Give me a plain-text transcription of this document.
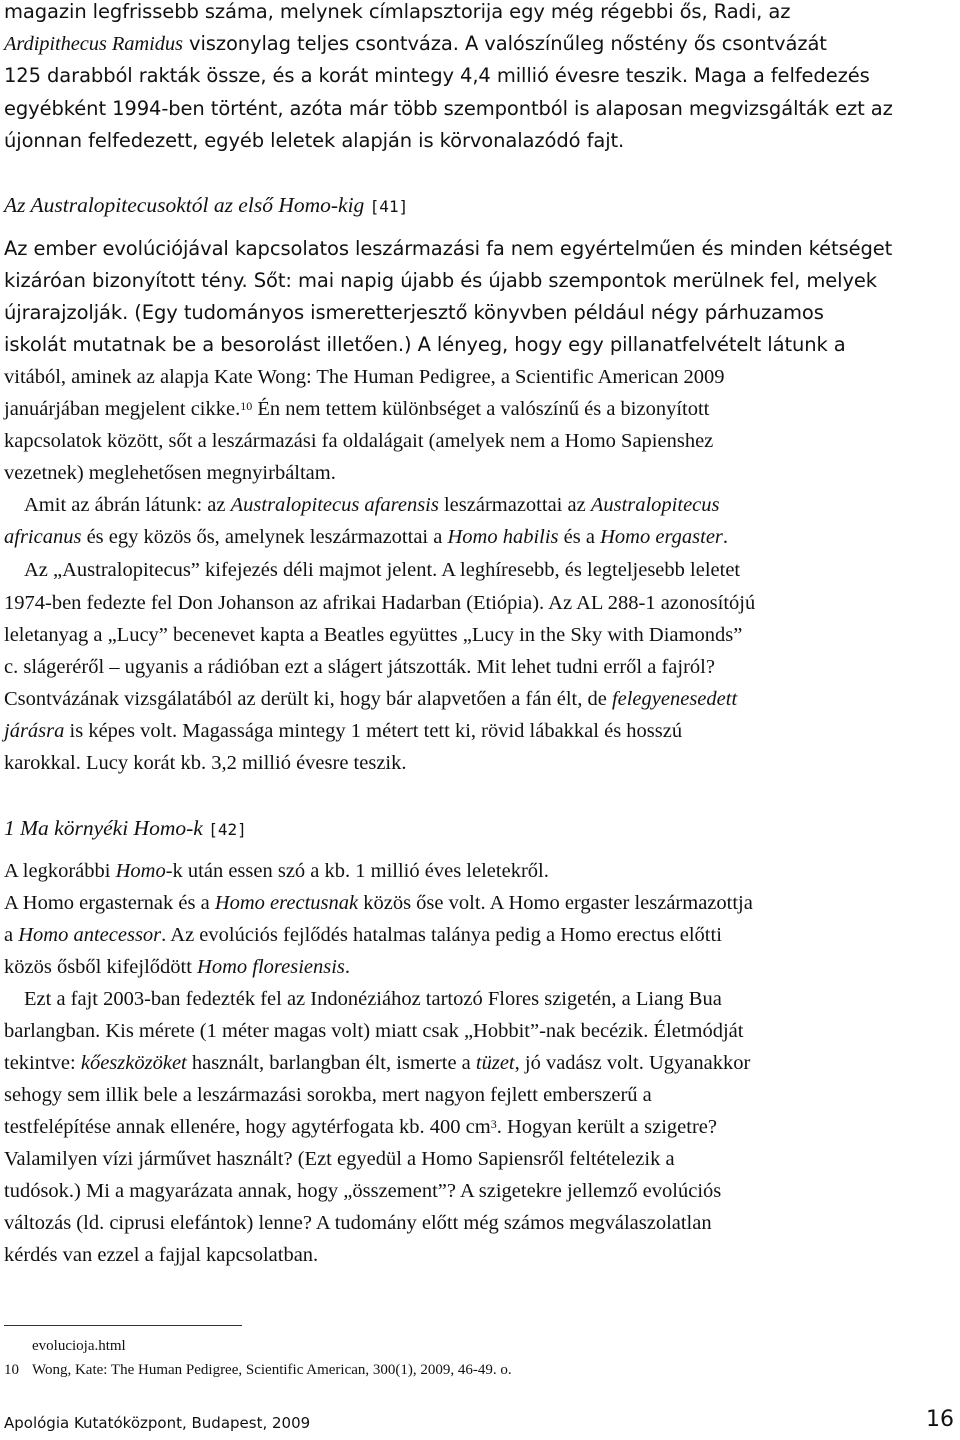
magazin legfrissebb száma, melynek címlapsztorija egy még régebbi ős, Radi, az
Ardipithecus Ramidus viszonylag teljes csontváza. A valószínűleg nőstény ős csontvázát
125 darabból rakták össze, és a korát mintegy 4,4 millió évesre teszik. Maga a felfedezés
egyébként 1994-ben történt, azóta már több szempontból is alaposan megvizsgálták ezt az
újonnan felfedezett, egyéb leletek alapján is körvonalazódó fajt.
Az Australopitecusoktól az első Homo-kig [41]
Az ember evolúciójával kapcsolatos leszármazási fa nem egyértelműen és minden kétséget
kizáróan bizonyított tény. Sőt: mai napig újabb és újabb szempontok merülnek fel, melyek
újrarajzolják. (Egy tudományos ismeretterjesztő könyvben például négy párhuzamos
iskolát mutatnak be a besorolást illetően.) A lényeg, hogy egy pillanatfelvételt látunk a
vitából, aminek az alapja Kate Wong: The Human Pedigree, a Scientific American 2009
januárjában megjelent cikke.$^{10}$ Én nem tettem különbséget a valószínű és a bizonyított
kapcsolatok között, sőt a leszármazási fa oldalágait (amelyek nem a Homo Sapienshez
vezetnek) meglehetősen megnyirbáltam.
Amit az ábrán látunk: az Australopitecus afarensis leszármazottai az Australopitecus
africanus és egy közös ős, amelynek leszármazottai a Homo habilis és a Homo ergaster.
Az „Australopitecus” kifejezés déli majmot jelent. A leghíresebb, és legteljesebb leletet
1974-ben fedezte fel Don Johanson az afrikai Hadarban (Etiópia). Az AL 288-1 azonosítójú
leletanyag a „Lucy” becenevet kapta a Beatles együttes „Lucy in the Sky with Diamonds”
c. slágeréről – ugyanis a rádióban ezt a slágert játszották. Mit lehet tudni erről a fajról?
Csontvázának vizsgálatából az derült ki, hogy bár alapvetően a fán élt, de felegyenesedett
járásra is képes volt. Magassága mintegy 1 métert tett ki, rövid lábakkal és hosszú
karokkal. Lucy korát kb. 3,2 millió évesre teszik.
1 Ma környéki Homo-k [42]
A legkorábbi Homo-k után essen szó a kb. 1 millió éves leletekről.
A Homo ergasternak és a Homo erectusnak közös őse volt. A Homo ergaster leszármazottja
a Homo antecessor. Az evolúciós fejlődés hatalmas talánya pedig a Homo erectus előtti
közös ősből kifejlődött Homo floresiensis.
Ezt a fajt 2003-ban fedezték fel az Indonéziához tartozó Flores szigetén, a Liang Bua
barlangban. Kis mérete (1 méter magas volt) miatt csak „Hobbit”-nak becézik. Életmódját
tekintve: kőeszközöket használt, barlangban élt, ismerte a tüzet, jó vadász volt. Ugyanakkor
sehogy sem illik bele a leszármazási sorokba, mert nagyon fejlett emberszerű a
testfelépítése annak ellenére, hogy agytérfogata kb. 400 $cm^3$. Hogyan került a szigetre?
Valamilyen vízi járművet használt? (Ezt egyedül a Homo Sapiensről feltételezik a
tudósok.) Mi a magyarázata annak, hogy „összement”? A szigetekre jellemző evolúciós
változás (ld. ciprusi elefántok) lenne? A tudomány előtt még számos megválaszolatlan
kérdés van ezzel a fajjal kapcsolatban.
evolucioja.html
10 Wong, Kate: The Human Pedigree, Scientific American, 300(1), 2009, 46-49. o.
Apológia Kutatóközpont, Budapest, 2009	16
